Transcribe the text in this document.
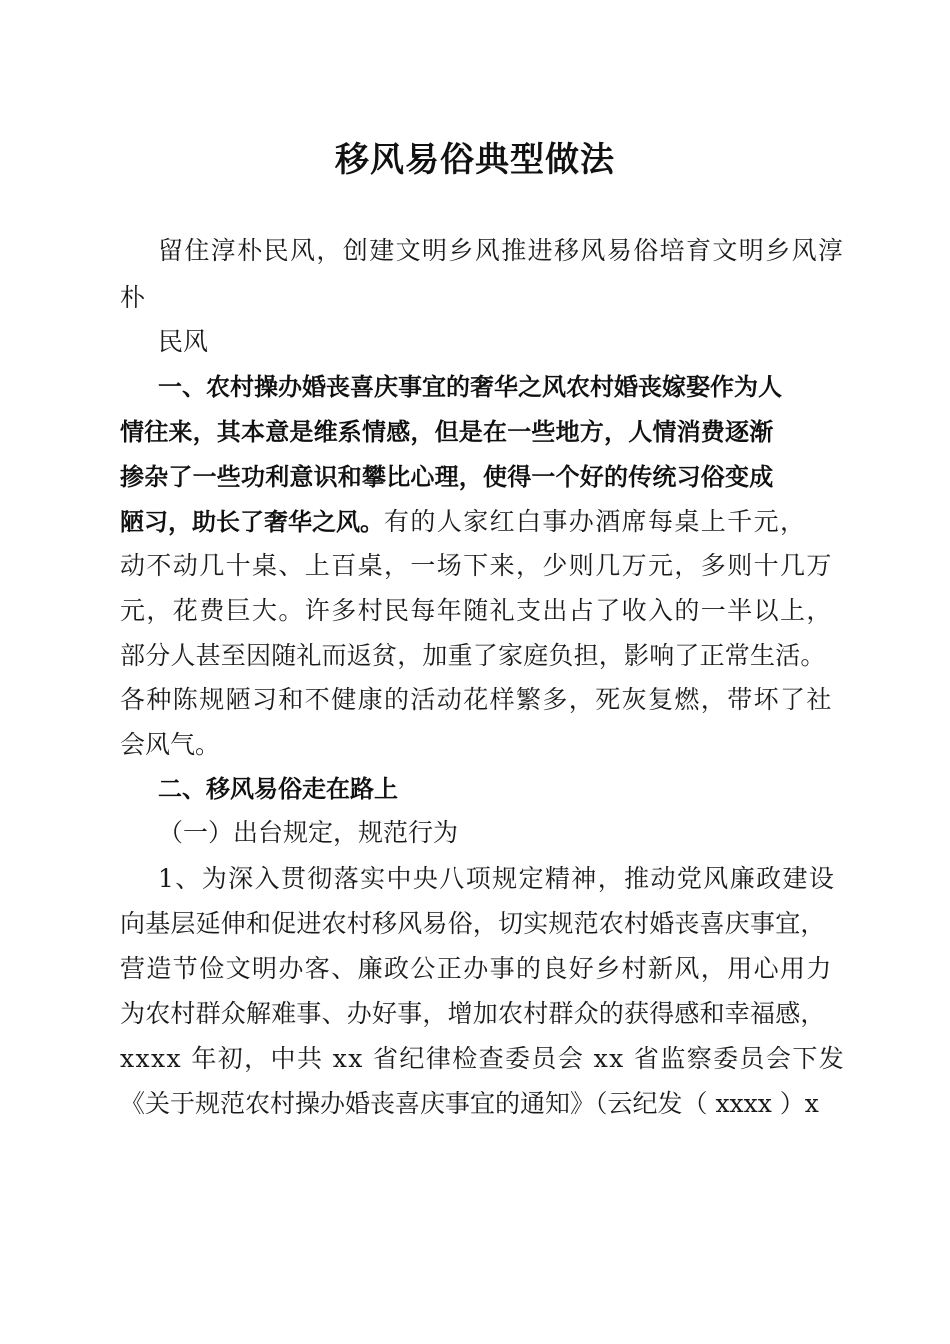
移风易俗典型做法
留住淳朴民风，创建文明乡风推进移风易俗培育文明乡风淳
朴
民风
一、农村操办婚丧喜庆事宜的奢华之风农村婚丧嫁娶作为人
情往来，其本意是维系情感，但是在一些地方，人情消费逐渐
掺杂了一些功利意识和攀比心理，使得一个好的传统习俗变成
陋习，助长了奢华之风。有的人家红白事办酒席每桌上千元，
动不动几十桌、上百桌，一场下来，少则几万元，多则十几万
元，花费巨大。许多村民每年随礼支出占了收入的一半以上，
部分人甚至因随礼而返贫，加重了家庭负担，影响了正常生活。
各种陈规陋习和不健康的活动花样繁多，死灰复燃，带坏了社
会风气。
二、移风易俗走在路上
（一）出台规定，规范行为
1、为深入贯彻落实中央八项规定精神，推动党风廉政建设
向基层延伸和促进农村移风易俗，切实规范农村婚丧喜庆事宜，
营造节俭文明办客、廉政公正办事的良好乡村新风，用心用力
为农村群众解难事、办好事，增加农村群众的获得感和幸福感，
xxxx 年初，中共 xx 省纪律检查委员会 xx 省监察委员会下发
《关于规范农村操办婚丧喜庆事宜的通知》（云纪发（ xxxx ）x
